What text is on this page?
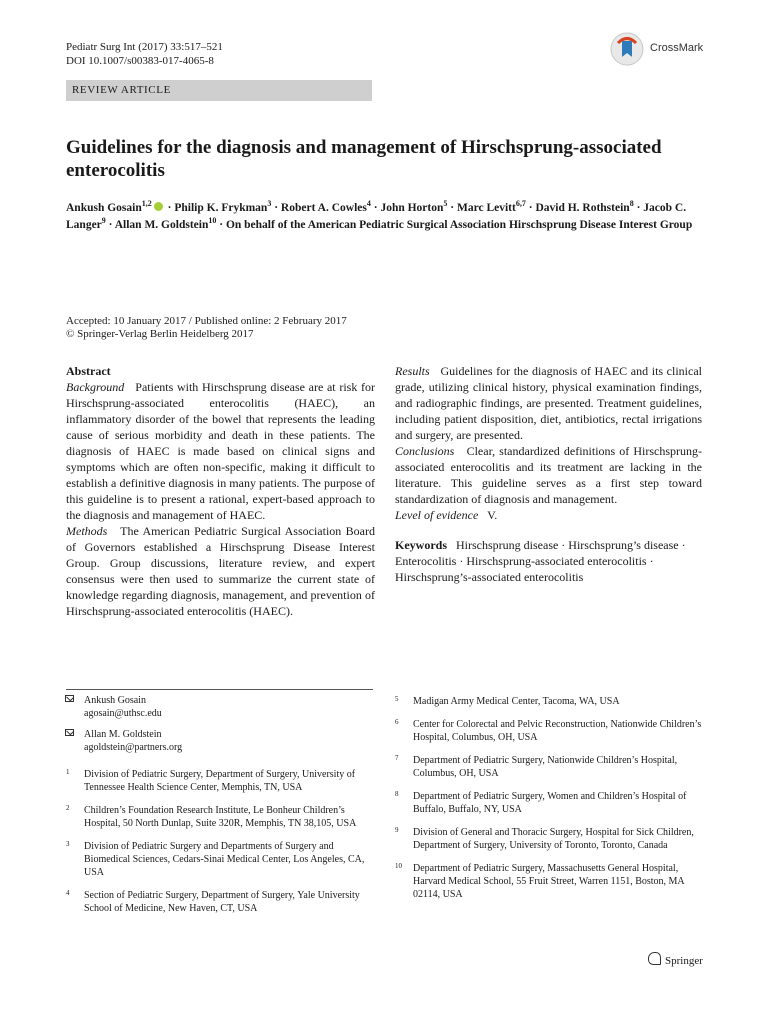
Pediatr Surg Int (2017) 33:517–521
DOI 10.1007/s00383-017-4065-8
CrossMark
REVIEW ARTICLE
Guidelines for the diagnosis and management of Hirschsprung-associated enterocolitis
Ankush Gosain$^{1,2}$ · Philip K. Frykman$^3$ · Robert A. Cowles$^4$ · John Horton$^5$ · Marc Levitt$^{6,7}$ · David H. Rothstein$^8$ · Jacob C. Langer$^9$ · Allan M. Goldstein$^{10}$ · On behalf of the American Pediatric Surgical Association Hirschsprung Disease Interest Group
Accepted: 10 January 2017 / Published online: 2 February 2017
© Springer-Verlag Berlin Heidelberg 2017

Abstract

Background Patients with Hirschsprung disease are at risk for Hirschsprung-associated enterocolitis (HAEC), an inflammatory disorder of the bowel that represents the leading cause of serious morbidity and death in these patients. The diagnosis of HAEC is made based on clinical signs and symptoms which are often non-specific, making it difficult to establish a definitive diagnosis in many patients. The purpose of this guideline is to present a rational, expert-based approach to the diagnosis and management of HAEC.

Methods The American Pediatric Surgical Association Board of Governors established a Hirschsprung Disease Interest Group. Group discussions, literature review, and expert consensus were then used to summarize the current state of knowledge regarding diagnosis, management, and prevention of Hirschsprung-associated enterocolitis (HAEC).

Results Guidelines for the diagnosis of HAEC and its clinical grade, utilizing clinical history, physical examination findings, and radiographic findings, are presented. Treatment guidelines, including patient disposition, diet, antibiotics, rectal irrigations and surgery, are presented.

Conclusions Clear, standardized definitions of Hirschsprung-associated enterocolitis and its treatment are lacking in the literature. This guideline serves as a first step toward standardization of diagnosis and management.

Level of evidence V.

Keywords Hirschsprung disease · Hirschsprung’s disease · Enterocolitis · Hirschsprung-associated enterocolitis · Hirschsprung’s-associated enterocolitis

Ankush Gosain
agosain@uthsc.edu
Allan M. Goldstein
agoldstein@partners.org
1 Division of Pediatric Surgery, Department of Surgery, University of Tennessee Health Science Center, Memphis, TN, USA
2 Children’s Foundation Research Institute, Le Bonheur Children’s Hospital, 50 North Dunlap, Suite 320R, Memphis, TN 38,105, USA
3 Division of Pediatric Surgery and Departments of Surgery and Biomedical Sciences, Cedars-Sinai Medical Center, Los Angeles, CA, USA
4 Section of Pediatric Surgery, Department of Surgery, Yale University School of Medicine, New Haven, CT, USA
5 Madigan Army Medical Center, Tacoma, WA, USA
6 Center for Colorectal and Pelvic Reconstruction, Nationwide Children’s Hospital, Columbus, OH, USA
7 Department of Pediatric Surgery, Nationwide Children’s Hospital, Columbus, OH, USA
8 Department of Pediatric Surgery, Women and Children’s Hospital of Buffalo, Buffalo, NY, USA
9 Division of General and Thoracic Surgery, Hospital for Sick Children, Department of Surgery, University of Toronto, Toronto, Canada
10 Department of Pediatric Surgery, Massachusetts General Hospital, Harvard Medical School, 55 Fruit Street, Warren 1151, Boston, MA 02114, USA
Springer
